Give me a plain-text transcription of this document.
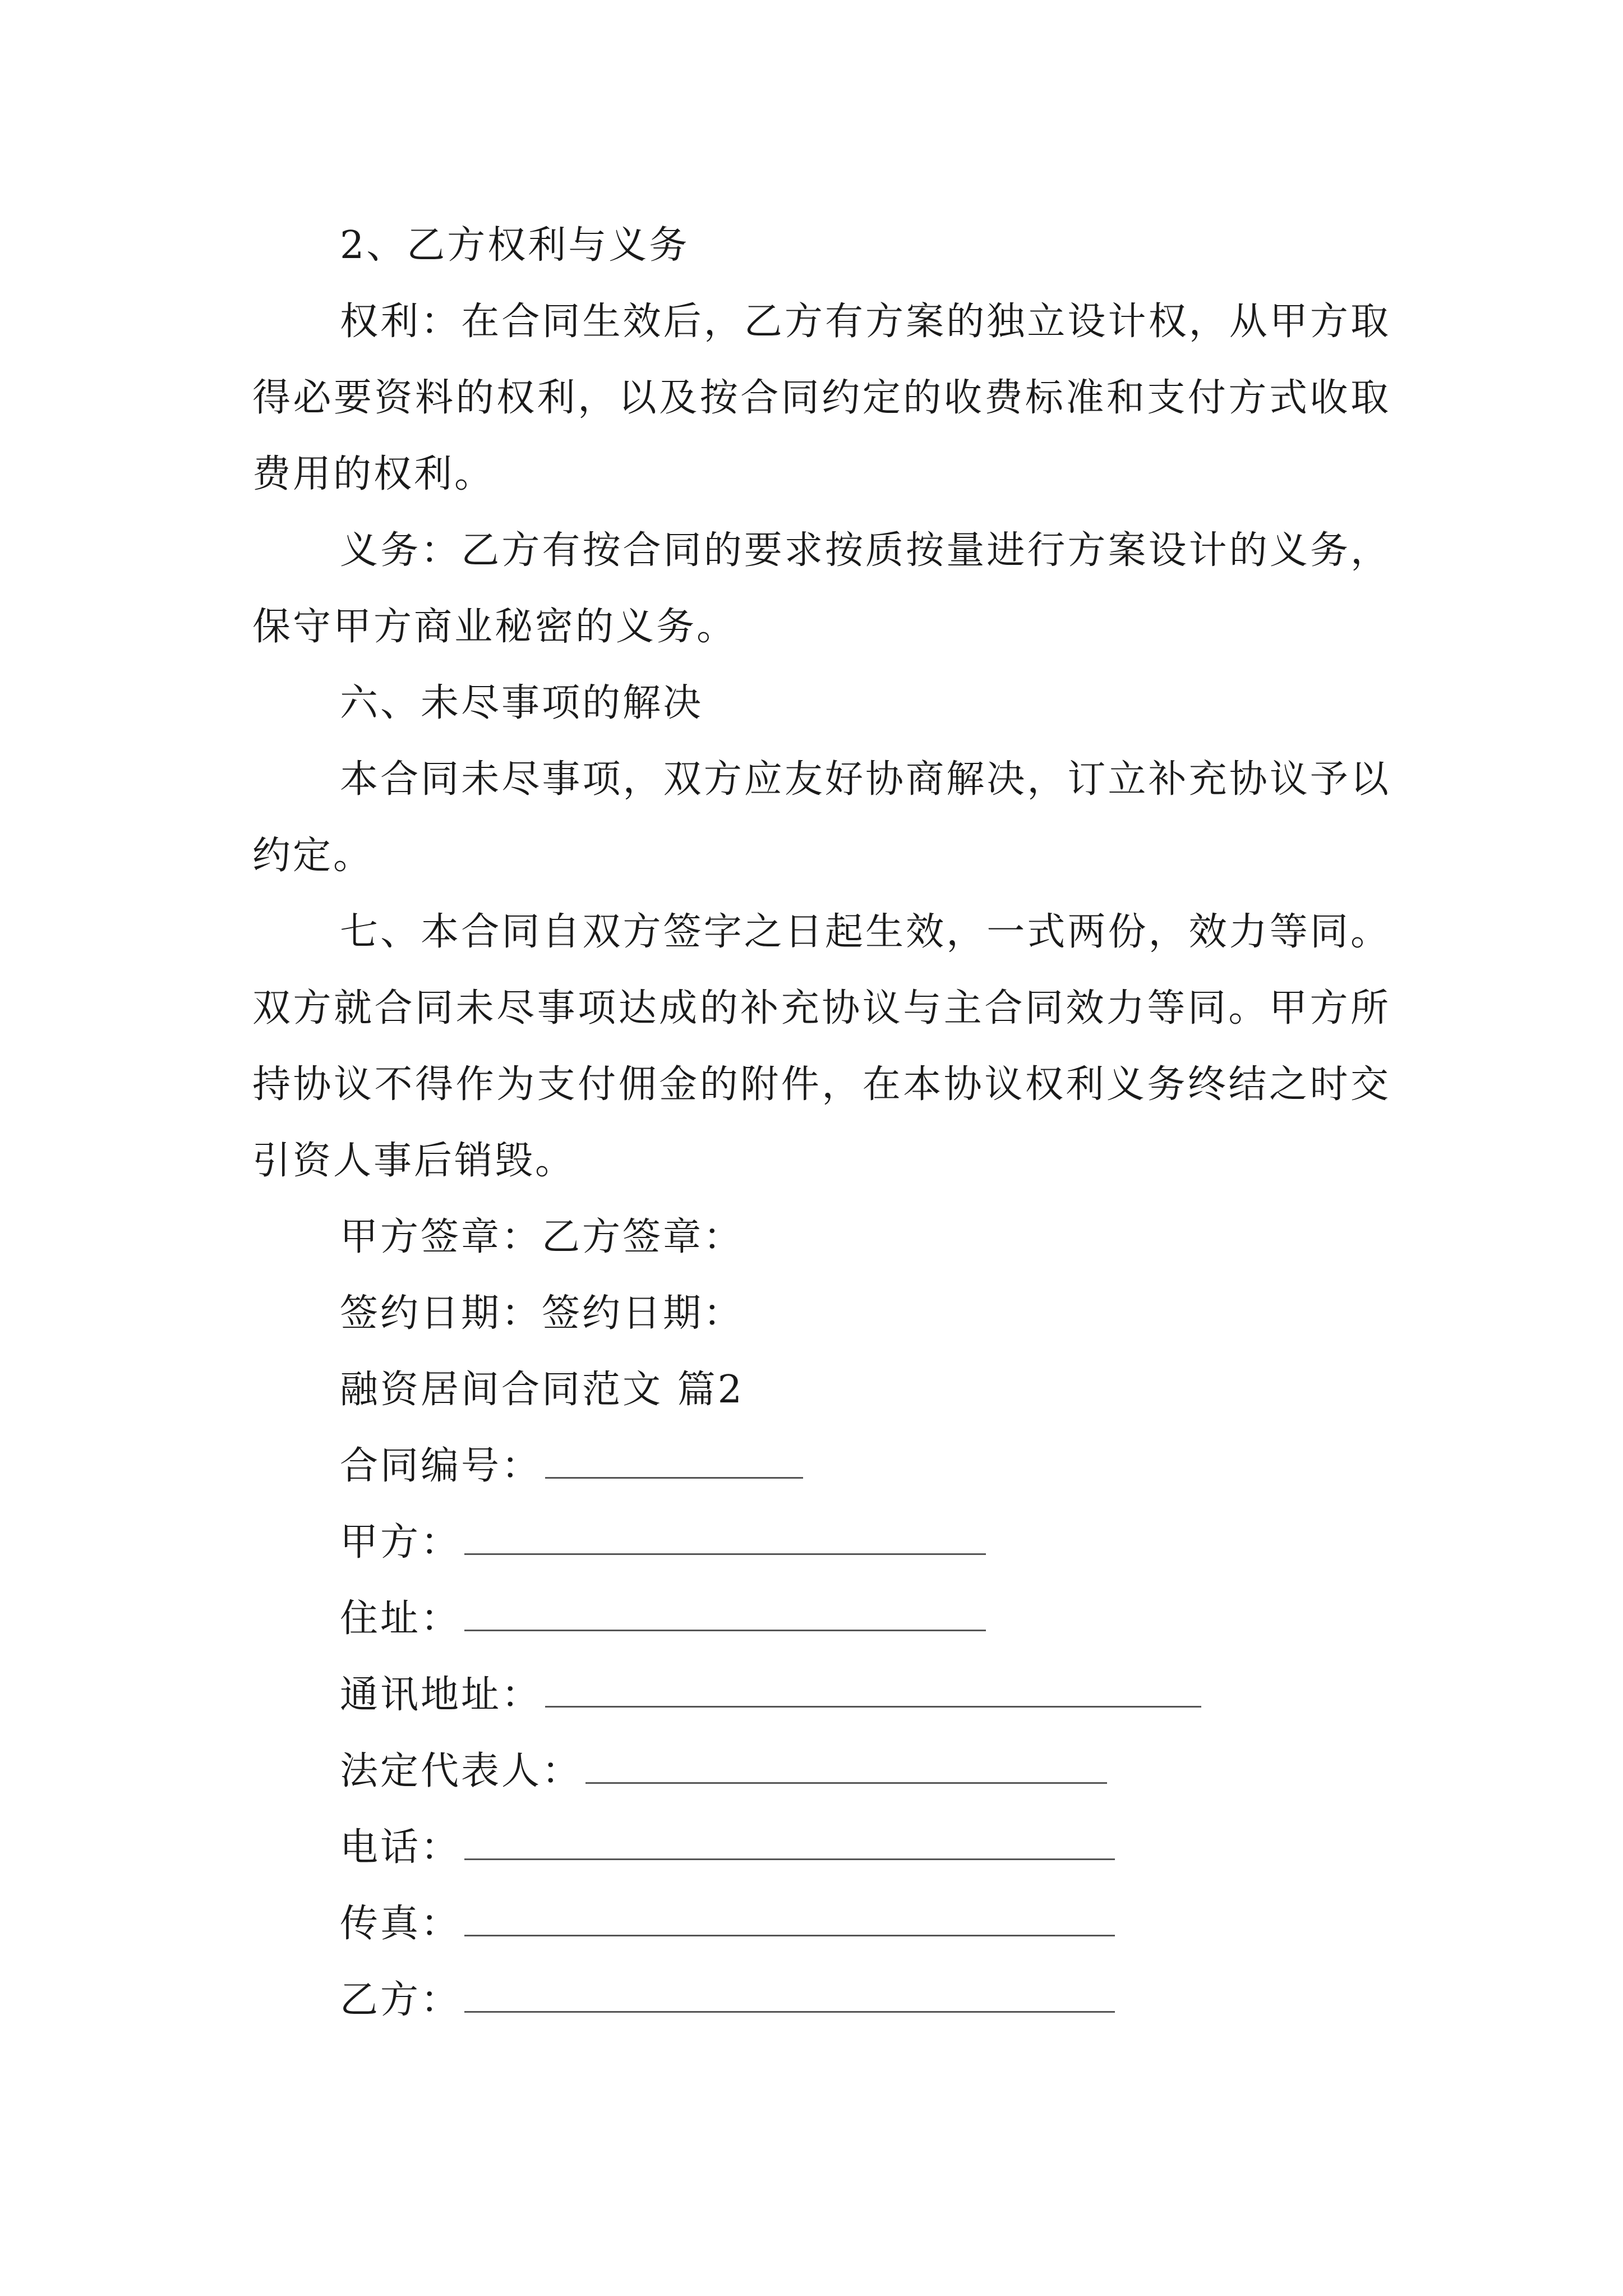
2、乙方权利与义务

权利：在合同生效后，乙方有方案的独立设计权，从甲方取得必要资料的权利，以及按合同约定的收费标准和支付方式收取费用的权利。

义务：乙方有按合同的要求按质按量进行方案设计的义务，保守甲方商业秘密的义务。

六、未尽事项的解决

本合同未尽事项，双方应友好协商解决，订立补充协议予以约定。

七、本合同自双方签字之日起生效，一式两份，效力等同。双方就合同未尽事项达成的补充协议与主合同效力等同。甲方所持协议不得作为支付佣金的附件，在本协议权利义务终结之时交引资人事后销毁。

甲方签章：乙方签章：

签约日期：签约日期：

融资居间合同范文 篇2

合同编号：

甲方：

住址：

通讯地址：

法定代表人：

电话：

传真：

乙方：
